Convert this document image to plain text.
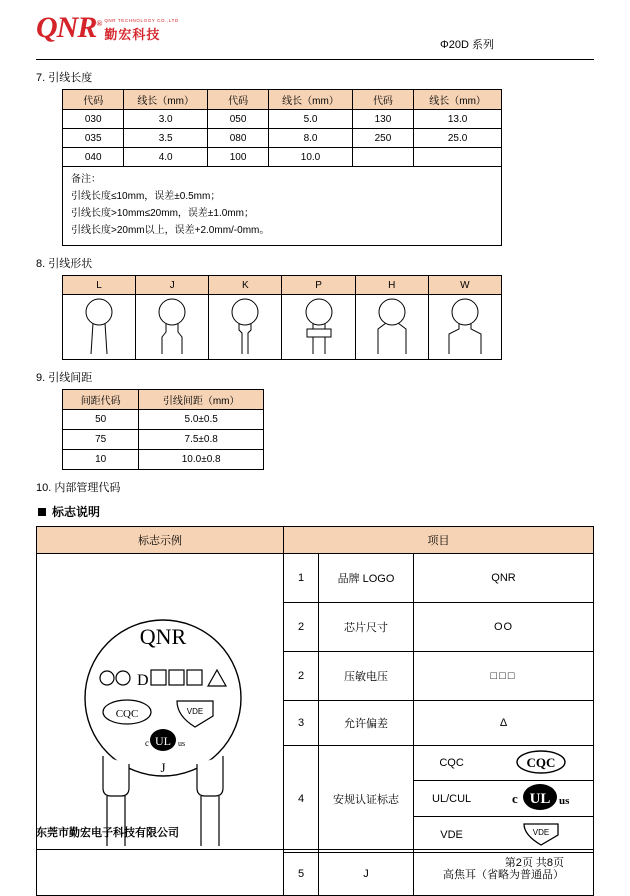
QNR® QNR TECHNOLOGY CO.,LTD
勤宏科技
Φ20D 系列
7. 引线长度
代码	线长（mm）	代码	线长（mm）	代码	线长（mm）
030	3.0	050	5.0	130	13.0
035	3.5	080	8.0	250	25.0
040	4.0	100	10.0		

备注：
引线长度≤10mm，误差±0.5mm；
引线长度>10mm≤20mm，误差±1.0mm；
引线长度>20mm以上，误差+2.0mm/-0mm。					
8. 引线形状
L	J	K	P	H	W

9. 引线间距
间距代码	引线间距（mm）
50	5.0±0.5
75	7.5±0.8
10	10.0±0.8
10. 内部管理代码
标志说明
标志示例	项目

QNR
D
CQC	VDE
c UL us
J
	1	品牌 LOGO	QNR
2	芯片尺寸	OO
2	压敏电压	□□□
3	允许偏差	Δ
4	安规认证标志	
CQC	CQC

UL/CUL	c UL us

VDE	VDE

5	J	高焦耳（省略为普通品）
东莞市勤宏电子科技有限公司
第2页 共8页
